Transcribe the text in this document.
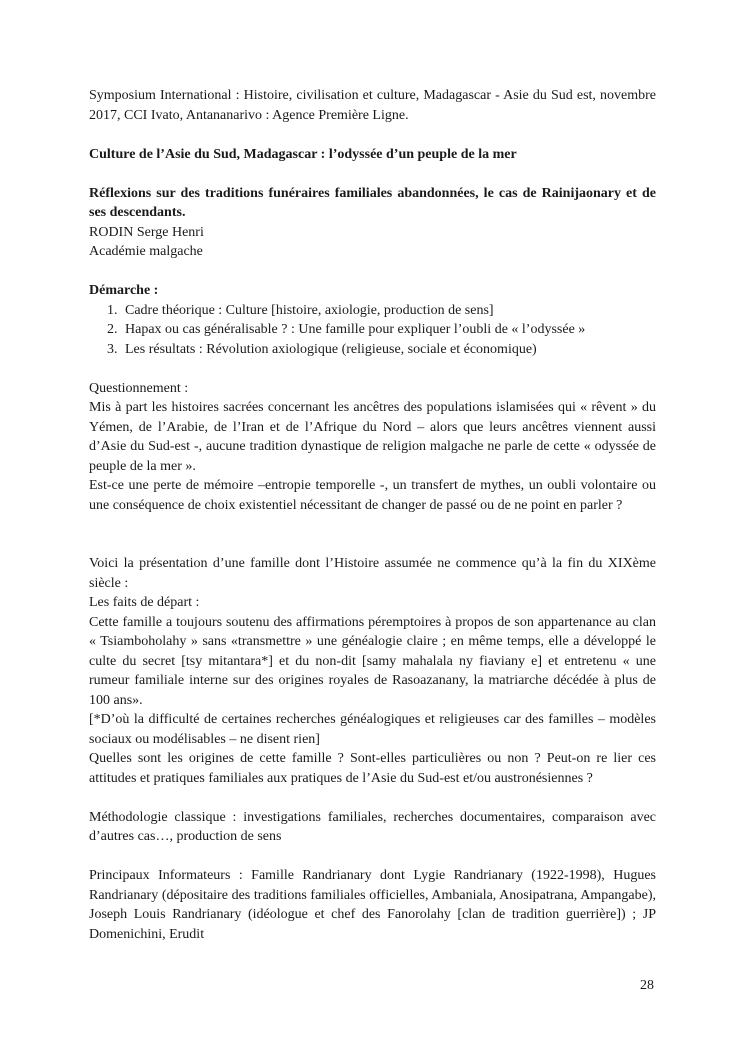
Symposium International : Histoire, civilisation et culture, Madagascar - Asie du Sud est, novembre 2017, CCI Ivato, Antananarivo : Agence Première Ligne.

Culture de l’Asie du Sud, Madagascar : l’odyssée d’un peuple de la mer

Réflexions sur des traditions funéraires familiales abandonnées, le cas de Rainijaonary et de ses descendants.

RODIN Serge Henri

Académie malgache

Démarche :

1. Cadre théorique : Culture [histoire, axiologie, production de sens]
2. Hapax ou cas généralisable ? : Une famille pour expliquer l’oubli de « l’odyssée »
3. Les résultats : Révolution axiologique (religieuse, sociale et économique)

Questionnement :

Mis à part les histoires sacrées concernant les ancêtres des populations islamisées qui « rêvent » du Yémen, de l’Arabie, de l’Iran et de l’Afrique du Nord – alors que leurs ancêtres viennent aussi d’Asie du Sud-est -, aucune tradition dynastique de religion malgache ne parle de cette « odyssée de peuple de la mer ».

Est-ce une perte de mémoire –entropie temporelle -, un transfert de mythes, un oubli volontaire ou une conséquence de choix existentiel nécessitant de changer de passé ou de ne point en parler ?

Voici la présentation d’une famille dont l’Histoire assumée ne commence qu’à la fin du XIXème siècle :

Les faits de départ :

Cette famille a toujours soutenu des affirmations péremptoires à propos de son appartenance au clan « Tsiamboholahy » sans «transmettre » une généalogie claire ; en même temps, elle a développé le culte du secret [tsy mitantara*] et du non-dit [samy mahalala ny fiaviany e] et entretenu « une rumeur familiale interne sur des origines royales de Rasoazanany, la matriarche décédée à plus de 100 ans».

[*D’où la difficulté de certaines recherches généalogiques et religieuses car des familles – modèles sociaux ou modélisables – ne disent rien]

Quelles sont les origines de cette famille ? Sont-elles particulières ou non ? Peut-on re lier ces attitudes et pratiques familiales aux pratiques de l’Asie du Sud-est et/ou austronésiennes ?

Méthodologie classique : investigations familiales, recherches documentaires, comparaison avec d’autres cas…, production de sens

Principaux Informateurs : Famille Randrianary dont Lygie Randrianary (1922-1998), Hugues Randrianary (dépositaire des traditions familiales officielles, Ambaniala, Anosipatrana, Ampangabe), Joseph Louis Randrianary (idéologue et chef des Fanorolahy [clan de tradition guerrière]) ; JP Domenichini, Erudit

28
